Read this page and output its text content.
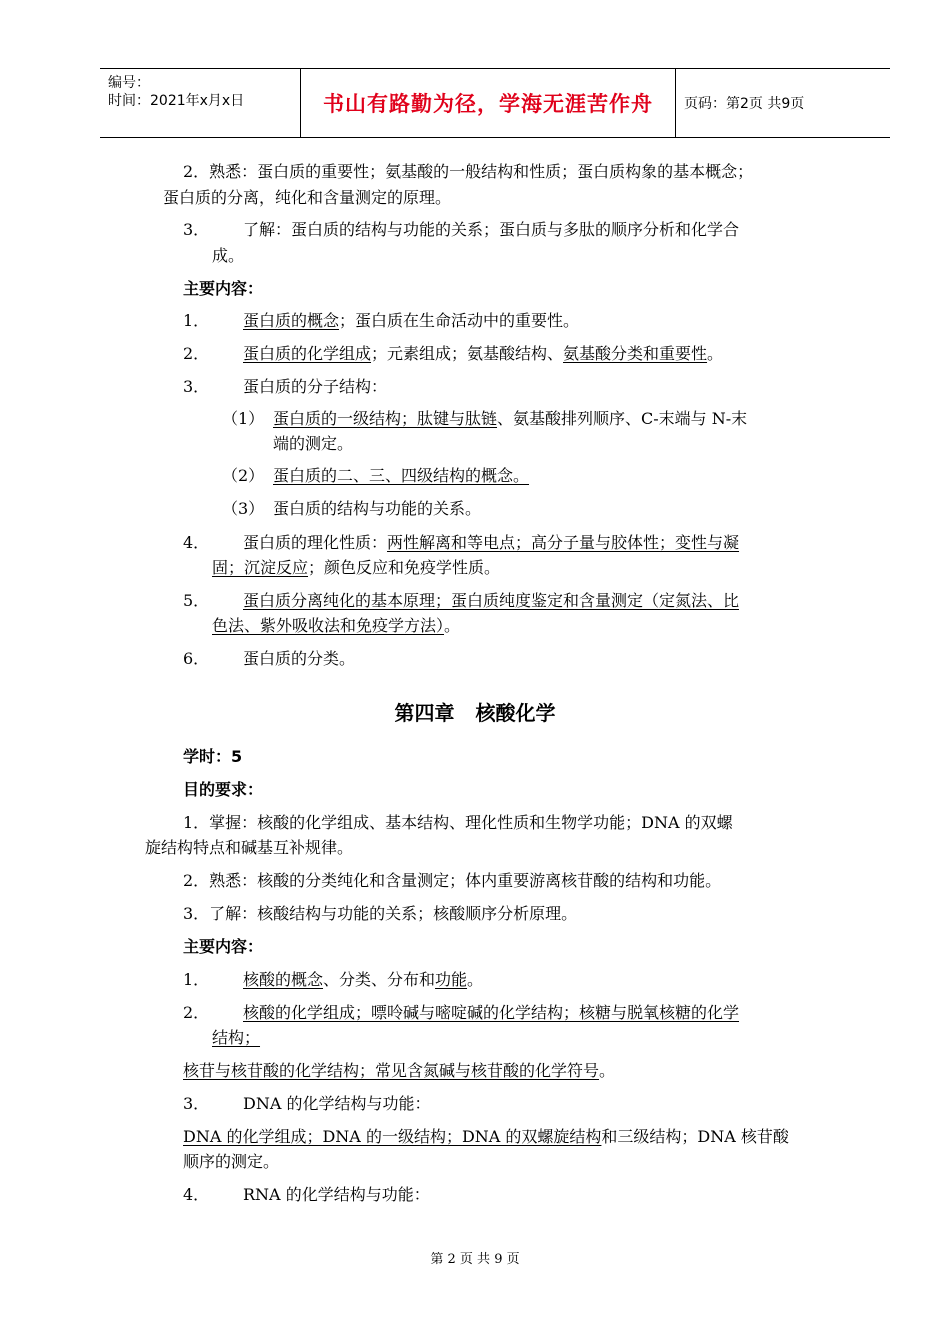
编号：
时间：2021年x月x日	书山有路勤为径，学海无涯苦作舟	页码：第2页 共9页
2．熟悉：蛋白质的重要性；氨基酸的一般结构和性质；蛋白质构象的基本概念；
蛋白质的分离，纯化和含量测定的原理。
3． 了解：蛋白质的结构与功能的关系；蛋白质与多肽的顺序分析和化学合
成。
主要内容：
1． 蛋白质的概念；蛋白质在生命活动中的重要性。
2． 蛋白质的化学组成；元素组成；氨基酸结构、氨基酸分类和重要性。
3． 蛋白质的分子结构：
（1） 蛋白质的一级结构；肽键与肽链、氨基酸排列顺序、C-末端与 N-末
端的测定。
（2） 蛋白质的二、三、四级结构的概念。
（3） 蛋白质的结构与功能的关系。
4． 蛋白质的理化性质：两性解离和等电点；高分子量与胶体性；变性与凝
固；沉淀反应；颜色反应和免疫学性质。
5． 蛋白质分离纯化的基本原理；蛋白质纯度鉴定和含量测定（定氮法、比
色法、紫外吸收法和免疫学方法）。
6． 蛋白质的分类。
第四章 核酸化学
学时：5
目的要求：
1．掌握：核酸的化学组成、基本结构、理化性质和生物学功能；DNA 的双螺
旋结构特点和碱基互补规律。
2．熟悉：核酸的分类纯化和含量测定；体内重要游离核苷酸的结构和功能。
3．了解：核酸结构与功能的关系；核酸顺序分析原理。
主要内容：
1． 核酸的概念、分类、分布和功能。
2． 核酸的化学组成；嘌呤碱与嘧啶碱的化学结构；核糖与脱氧核糖的化学
结构；
核苷与核苷酸的化学结构；常见含氮碱与核苷酸的化学符号。
3． DNA 的化学结构与功能：
DNA 的化学组成；DNA 的一级结构；DNA 的双螺旋结构和三级结构；DNA 核苷酸
顺序的测定。
4． RNA 的化学结构与功能：
第 2 页 共 9 页
